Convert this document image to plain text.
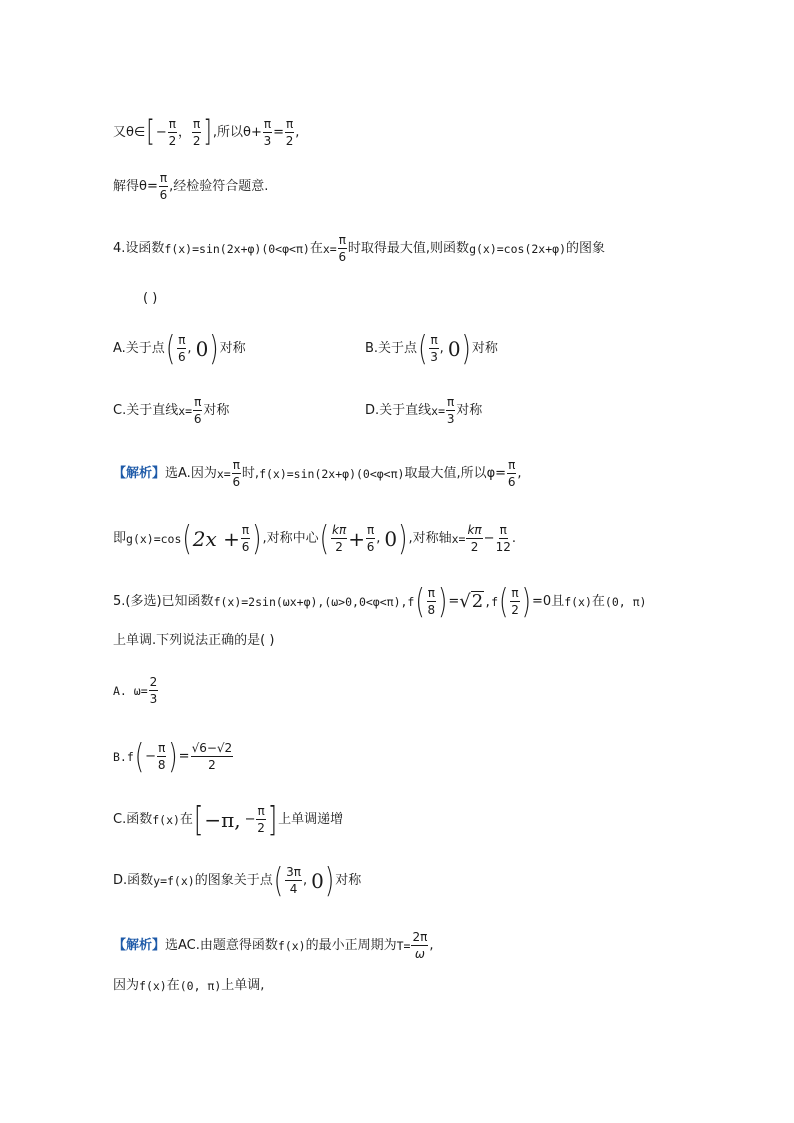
又θ∈ [ − $\frac{\pi}{2}$ ， $\frac{\pi}{2}$ ] ,所以$\theta+ \frac{\pi}{3} = \frac{\pi}{2}$ ,
解得$\theta= \frac{\pi}{6}$ ,经检验符合题意.
4.设函数 f(x)=sin(2x+φ)(0<φ<π) 在 $x= \frac{\pi}{6}$ 时取得最大值,则函数 g(x)=cos(2x+φ) 的图象
( )
A.关于点 ( $\frac{\pi}{6}$ , 0 ) 对称	B.关于点 ( $\frac{\pi}{3}$ , 0 ) 对称
C.关于直线 $x= \frac{\pi}{6}$ 对称	D.关于直线 $x= \frac{\pi}{3}$ 对称
【解析】 选A.因为 $x= \frac{\pi}{6}$ 时, f(x)=sin(2x+φ)(0<φ<π) 取最大值,所以$\varphi= \frac{\pi}{6}$ ,
即 g(x)=cos ( $2x + \frac{\pi}{6}$ ) ,对称中心 ( $\frac{k\pi}{2} + \frac{\pi}{6}$ , 0 ) ,对称轴 $x= \frac{k\pi}{2} - \frac{\pi}{12}$ .
5.(多选)已知函数 f(x)=2sin(ωx+φ),(ω>0,0<φ<π),f ( $\frac{\pi}{8}$ ) = √ 2 ,f ( $\frac{\pi}{2}$ ) =0且 f(x) 在 (0, π)
上单调.下列说法正确的是( )
A. $\omega= \frac{2}{3}$
B.f ( − $\frac{\pi}{8}$ ) = $\frac{√6-√2}{2}$
C.函数 f(x) 在 [ −π, − $\frac{\pi}{2}$ ] 上单调递增
D.函数 y=f(x) 的图象关于点 ( $\frac{3\pi}{4}$ , 0 ) 对称
【解析】 选AC.由题意得函数 f(x) 的最小正周期为 $T= \frac{2\pi}{\omega}$ ,
因为 f(x) 在 (0, π) 上单调,
